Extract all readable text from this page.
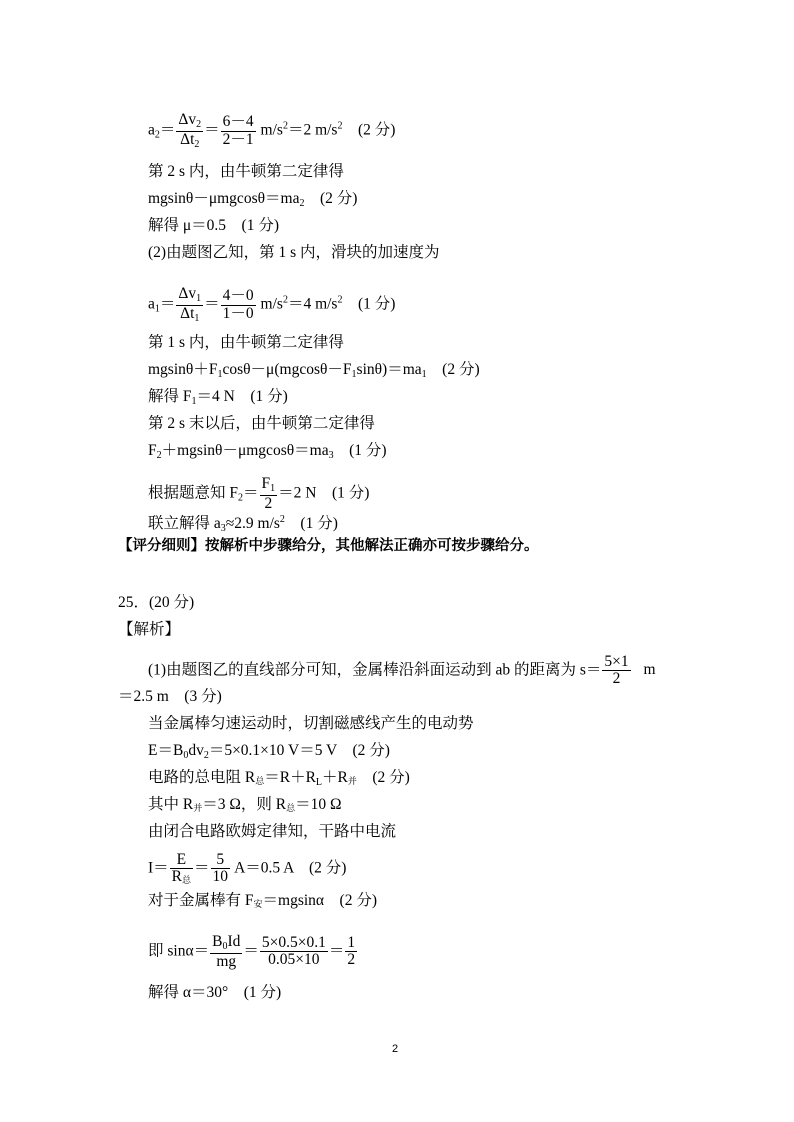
$a_2= \frac{\Delta v_2}{\Delta t_2} = \frac{6-4}{2-1} m/s^2=2$ $m/s^2$　 (2 分)
第 2 s 内，由牛顿第二定律得
$mgsin\theta-\mu mgcos\theta=ma_2$　(2 分)
解得 μ＝0.5　(1 分)
(2)由题图乙知，第 1 s 内，滑块的加速度为
$a_1= \frac{\Delta v_1}{\Delta t_1} = \frac{4-0}{1-0} m/s^2=4$ $m/s^2$　 (1 分)
第 1 s 内，由牛顿第二定律得
$mgsin\theta+F_1\cos\theta-\mu(mgcos\theta-F_1\sin\theta)=ma_1$　(2 分)
解得 $F_1=4$ N　(1 分)
第 2 s 末以后，由牛顿第二定律得
$F_2+mgsin\theta-\mu mgcos\theta=ma_3$　(1 分)
根据题意知 $F_2= \frac{F_1}{2} =2$ N　(1 分)
联立解得 $a_3\approx 2.9$ $m/s^2$　(1 分)
【评分细则】按解析中步骤给分，其他解法正确亦可按步骤给分。
25．(20 分)
【解析】
(1)由题图乙的直线部分可知，金属棒沿斜面运动到 ab 的距离为 $s= \frac{5\times 1}{2}$ m
＝2.5 m　(3 分)
当金属棒匀速运动时，切割磁感线产生的电动势
$E=B_0dv_2=5\times 0.1\times 10$ V＝5 V　(2 分)
电路的总电阻 R总$=R+R_L+R$并　(2 分)
其中 R并＝3 Ω，则 R总＝10 Ω
由闭合电路欧姆定律知，干路中电流
$I= \frac{E}{\text{R总}} = \frac{5}{10} A=0.5$ A　(2 分)
对于金属棒有 F安＝mgsinα　(2 分)
即 $\sin\alpha= \frac{B_0Id}{mg} = \frac{5\times 0.5\times 0.1}{0.05\times 10} = \frac{1}{2}$
解得 α＝30°　(1 分)
2
